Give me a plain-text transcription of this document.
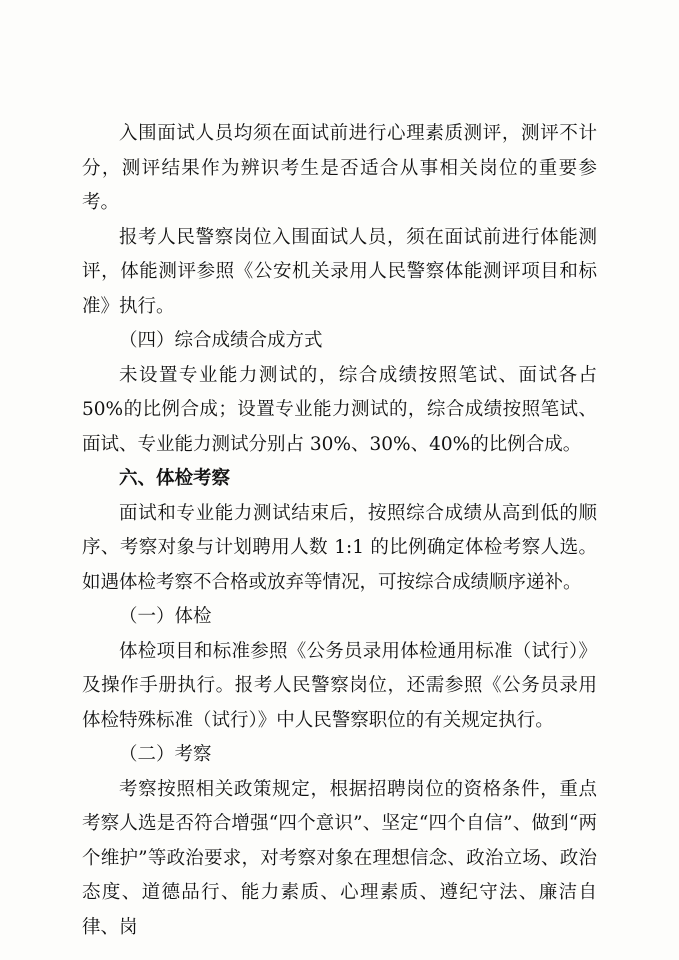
入围面试人员均须在面试前进行心理素质测评，测评不计分，测评结果作为辨识考生是否适合从事相关岗位的重要参考。

报考人民警察岗位入围面试人员，须在面试前进行体能测评，体能测评参照《公安机关录用人民警察体能测评项目和标准》执行。

（四）综合成绩合成方式

未设置专业能力测试的，综合成绩按照笔试、面试各占 50%的比例合成；设置专业能力测试的，综合成绩按照笔试、面试、专业能力测试分别占 30%、30%、40%的比例合成。

六、体检考察

面试和专业能力测试结束后，按照综合成绩从高到低的顺序、考察对象与计划聘用人数 1:1 的比例确定体检考察人选。如遇体检考察不合格或放弃等情况，可按综合成绩顺序递补。

（一）体检

体检项目和标准参照《公务员录用体检通用标准（试行）》及操作手册执行。报考人民警察岗位，还需参照《公务员录用体检特殊标准（试行）》中人民警察职位的有关规定执行。

（二）考察

考察按照相关政策规定，根据招聘岗位的资格条件，重点考察人选是否符合增强“四个意识”、坚定“四个自信”、做到“两个维护”等政治要求，对考察对象在理想信念、政治立场、政治态度、道德品行、能力素质、心理素质、遵纪守法、廉洁自律、岗
